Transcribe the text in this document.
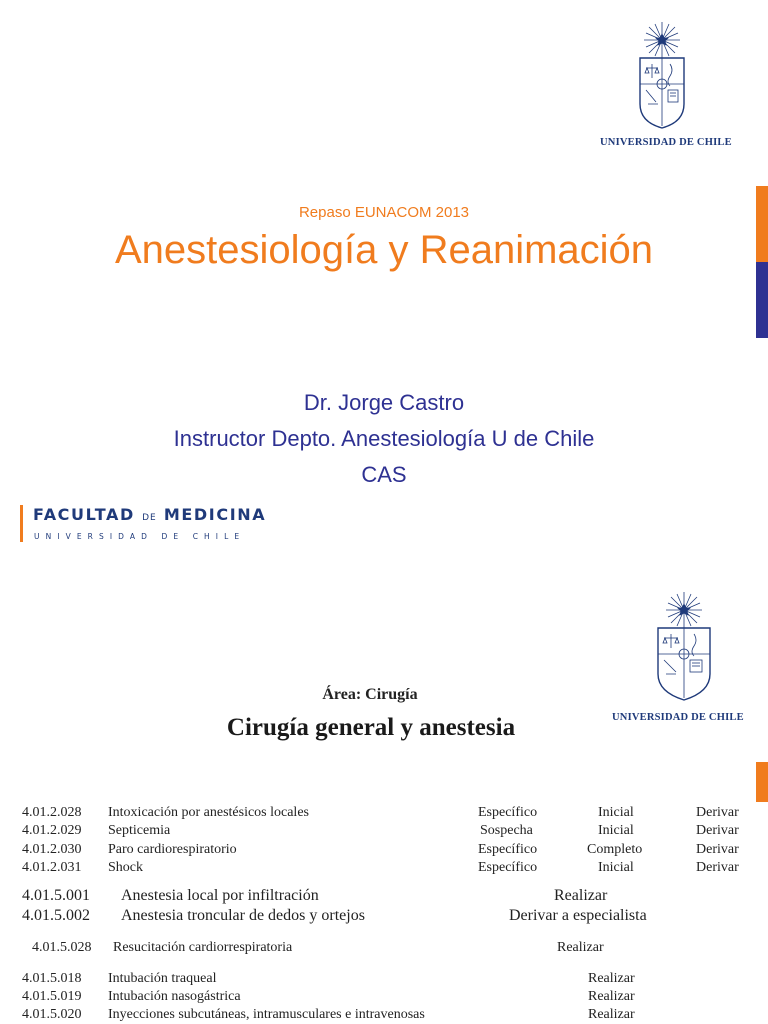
UNIVERSIDAD DE CHILE
Repaso EUNACOM 2013
Anestesiología y Reanimación
Dr. Jorge Castro
Instructor Depto. Anestesiología U de Chile
CAS
FACULTAD DE MEDICINA
UNIVERSIDAD DE CHILE
UNIVERSIDAD DE CHILE
Área: Cirugía
Cirugía general y anestesia
4.01.2.028 Intoxicación por anestésicos locales	Específico	Inicial	Derivar
4.01.2.029 Septicemia	Sospecha	Inicial	Derivar
4.01.2.030 Paro cardiorespiratorio	Específico	Completo	Derivar
4.01.2.031 Shock	Específico	Inicial	Derivar
4.01.5.001 Anestesia local por infiltración	Realizar
4.01.5.002 Anestesia troncular de dedos y ortejos	Derivar a especialista
4.01.5.028 Resucitación cardiorrespiratoria	Realizar
4.01.5.018 Intubación traqueal	Realizar
4.01.5.019 Intubación nasogástrica	Realizar
4.01.5.020 Inyecciones subcutáneas, intramusculares e intravenosas	Realizar
